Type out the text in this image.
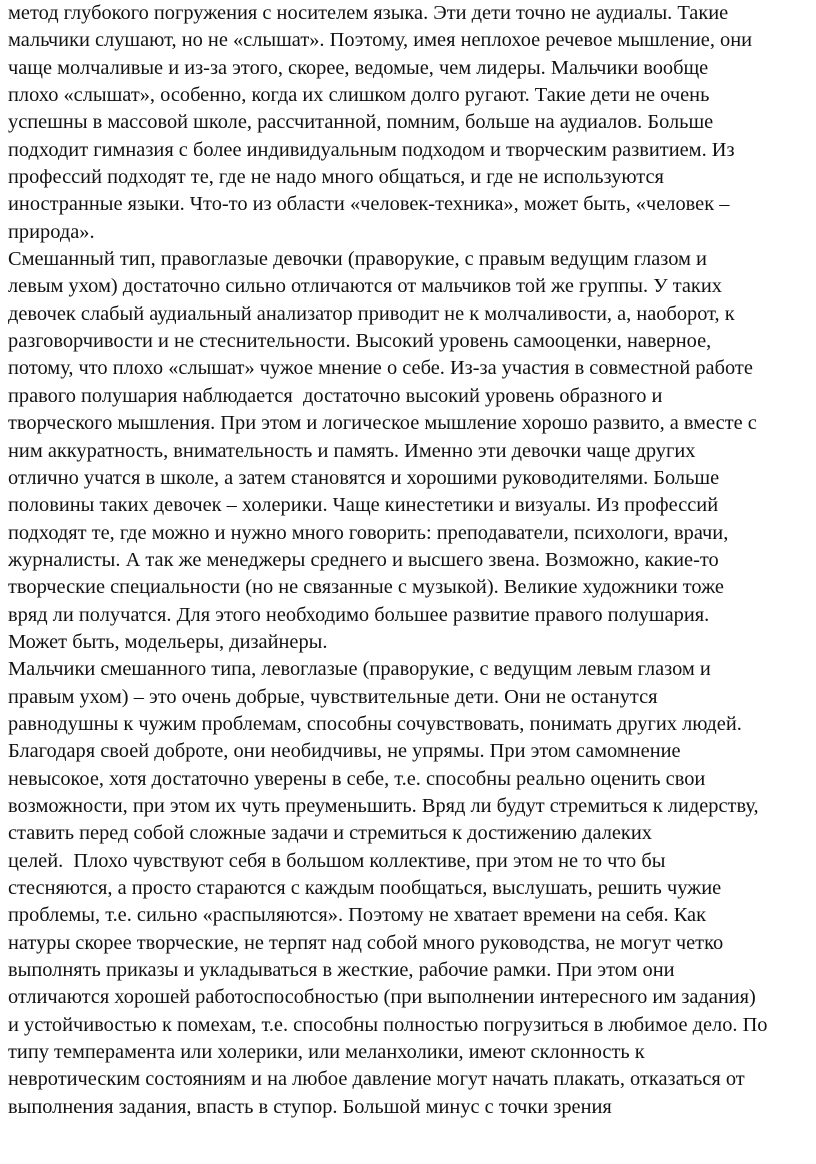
метод глубокого погружения с носителем языка. Эти дети точно не аудиалы. Такие
мальчики слушают, но не «слышат». Поэтому, имея неплохое речевое мышление, они
чаще молчаливые и из-за этого, скорее, ведомые, чем лидеры. Мальчики вообще
плохо «слышат», особенно, когда их слишком долго ругают. Такие дети не очень
успешны в массовой школе, рассчитанной, помним, больше на аудиалов. Больше
подходит гимназия с более индивидуальным подходом и творческим развитием. Из
профессий подходят те, где не надо много общаться, и где не используются
иностранные языки. Что-то из области «человек-техника», может быть, «человек –
природа».
Смешанный тип, правоглазые девочки (праворукие, с правым ведущим глазом и
левым ухом) достаточно сильно отличаются от мальчиков той же группы. У таких
девочек слабый аудиальный анализатор приводит не к молчаливости, а, наоборот, к
разговорчивости и не стеснительности. Высокий уровень самооценки, наверное,
потому, что плохо «слышат» чужое мнение о себе. Из-за участия в совместной работе
правого полушария наблюдается  достаточно высокий уровень образного и
творческого мышления. При этом и логическое мышление хорошо развито, а вместе с
ним аккуратность, внимательность и память. Именно эти девочки чаще других
отлично учатся в школе, а затем становятся и хорошими руководителями. Больше
половины таких девочек – холерики. Чаще кинестетики и визуалы. Из профессий
подходят те, где можно и нужно много говорить: преподаватели, психологи, врачи,
журналисты. А так же менеджеры среднего и высшего звена. Возможно, какие-то
творческие специальности (но не связанные с музыкой). Великие художники тоже
вряд ли получатся. Для этого необходимо большее развитие правого полушария.
Может быть, модельеры, дизайнеры.
Мальчики смешанного типа, левоглазые (праворукие, с ведущим левым глазом и
правым ухом) – это очень добрые, чувствительные дети. Они не останутся
равнодушны к чужим проблемам, способны сочувствовать, понимать других людей.
Благодаря своей доброте, они необидчивы, не упрямы. При этом самомнение
невысокое, хотя достаточно уверены в себе, т.е. способны реально оценить свои
возможности, при этом их чуть преуменьшить. Вряд ли будут стремиться к лидерству,
ставить перед собой сложные задачи и стремиться к достижению далеких
целей.  Плохо чувствуют себя в большом коллективе, при этом не то что бы
стесняются, а просто стараются с каждым пообщаться, выслушать, решить чужие
проблемы, т.е. сильно «распыляются». Поэтому не хватает времени на себя. Как
натуры скорее творческие, не терпят над собой много руководства, не могут четко
выполнять приказы и укладываться в жесткие, рабочие рамки. При этом они
отличаются хорошей работоспособностью (при выполнении интересного им задания)
и устойчивостью к помехам, т.е. способны полностью погрузиться в любимое дело. По
типу темперамента или холерики, или меланхолики, имеют склонность к
невротическим состояниям и на любое давление могут начать плакать, отказаться от
выполнения задания, впасть в ступор. Большой минус с точки зрения
